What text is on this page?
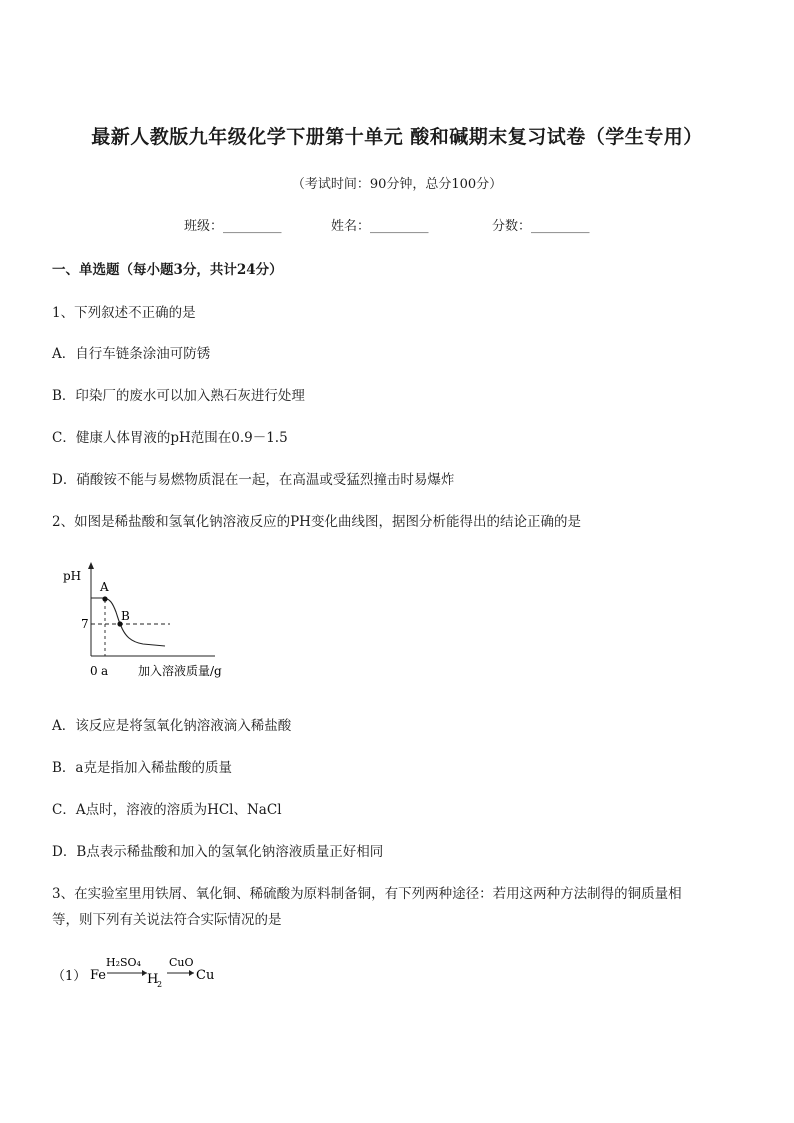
最新人教版九年级化学下册第十单元 酸和碱期末复习试卷（学生专用）
（考试时间：90分钟，总分100分）
班级：_________	姓名：_________	分数：_________
一、单选题（每小题3分，共计24分）
1、下列叙述不正确的是
A．自行车链条涂油可防锈
B．印染厂的废水可以加入熟石灰进行处理
C．健康人体胃液的pH范围在0.9－1.5
D．硝酸铵不能与易燃物质混在一起，在高温或受猛烈撞击时易爆炸
2、如图是稀盐酸和氢氧化钠溶液反应的PH变化曲线图，据图分析能得出的结论正确的是
pH
A
B
7
0 a 加入溶液质量/g
A．该反应是将氢氧化钠溶液滴入稀盐酸
B．a克是指加入稀盐酸的质量
C．A点时，溶液的溶质为HCl、NaCl
D．B点表示稀盐酸和加入的氢氧化钠溶液质量正好相同
3、在实验室里用铁屑、氧化铜、稀硫酸为原料制备铜，有下列两种途径：若用这两种方法制得的铜质量相
等，则下列有关说法符合实际情况的是
（1） Fe
H₂SO₄
H
2
CuO
Cu
